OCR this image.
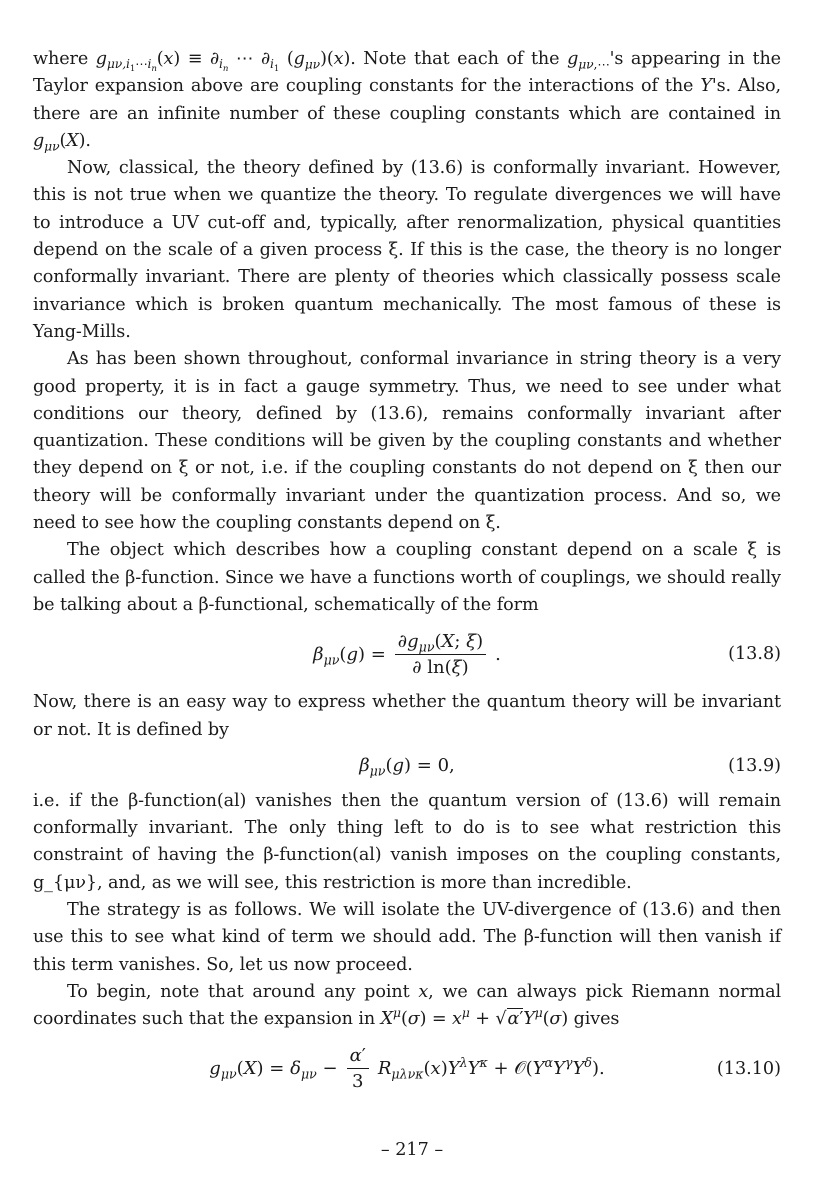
where $g_{\mu\nu,i_1\cdots i_n}(x) \equiv \partial_{i_n}$ ⋯ $\partial_{i_1}$ $(g_{\mu\nu})(x)$. Note that each of the $g_{\mu\nu,\cdots}'s$ appearing in the Taylor expansion above are coupling constants for the interactions of the Y's. Also, there are an infinite number of these coupling constants which are contained in $g_{\mu\nu}(X)$.

Now, classical, the theory defined by (13.6) is conformally invariant. However, this is not true when we quantize the theory. To regulate divergences we will have to introduce a UV cut-off and, typically, after renormalization, physical quantities depend on the scale of a given process ξ. If this is the case, the theory is no longer conformally invariant. There are plenty of theories which classically possess scale invariance which is broken quantum mechanically. The most famous of these is Yang-Mills.

As has been shown throughout, conformal invariance in string theory is a very good property, it is in fact a gauge symmetry. Thus, we need to see under what conditions our theory, defined by (13.6), remains conformally invariant after quantization. These conditions will be given by the coupling constants and whether they depend on ξ or not, i.e. if the coupling constants do not depend on ξ then our theory will be conformally invariant under the quantization process. And so, we need to see how the coupling constants depend on ξ.

The object which describes how a coupling constant depend on a scale ξ is called the β-function. Since we have a functions worth of couplings, we should really be talking about a β-functional, schematically of the form

$\beta_{\mu\nu}(g) = \frac{\partial g_{\mu\nu}(X; \xi)}{\partial \ln(\xi)}$ .	(13.8)

Now, there is an easy way to express whether the quantum theory will be invariant or not. It is defined by

$\beta_{\mu\nu}(g) = 0$,	(13.9)

i.e. if the β-function(al) vanishes then the quantum version of (13.6) will remain conformally invariant. The only thing left to do is to see what restriction this constraint of having the β-function(al) vanish imposes on the coupling constants, g_{μν}, and, as we will see, this restriction is more than incredible.

The strategy is as follows. We will isolate the UV-divergence of (13.6) and then use this to see what kind of term we should add. The β-function will then vanish if this term vanishes. So, let us now proceed.

To begin, note that around any point x, we can always pick Riemann normal coordinates such that the expansion in $X^\mu(\sigma) = x^\mu + √\alpha'Y^\mu(\sigma)$ gives

$g_{\mu\nu}(X) = \delta_{\mu\nu} - \frac{\alpha'}{3} R_{\mu\lambda\nu\kappa}(x)Y^\lambda Y^\kappa$ + $𝒪(Y^\alpha Y^\gamma Y^\delta)$.	(13.10)
– 217 –
